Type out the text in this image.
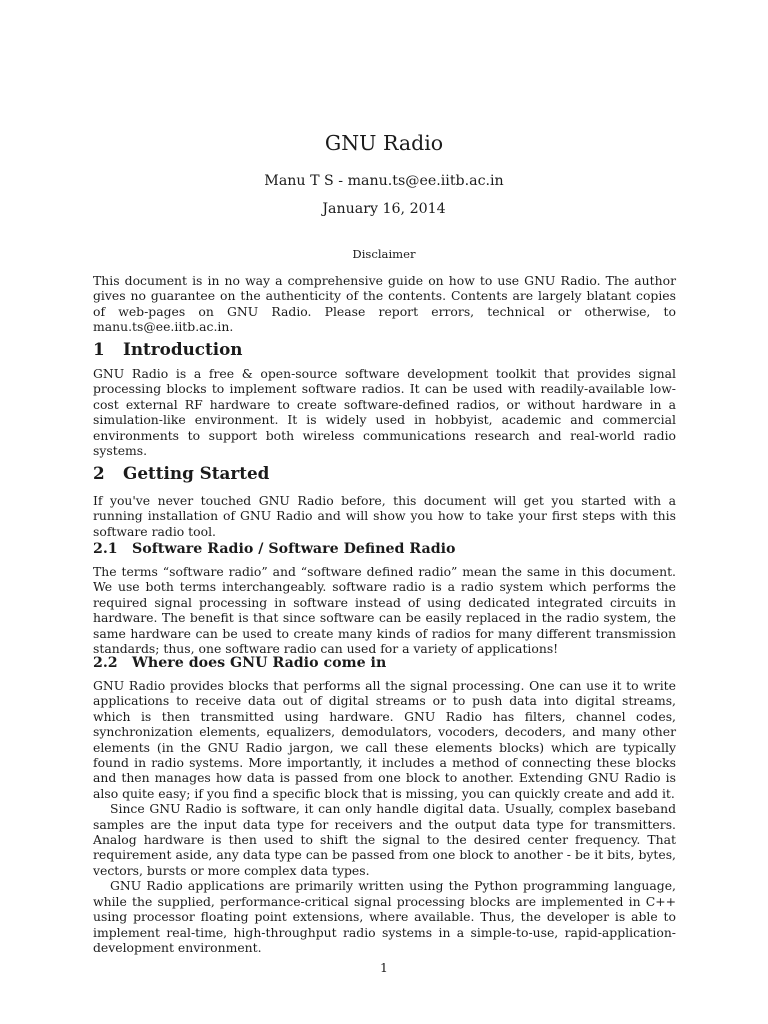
GNU Radio
Manu T S - manu.ts@ee.iitb.ac.in
January 16, 2014
Disclaimer

This document is in no way a comprehensive guide on how to use GNU Radio. The author gives no guarantee on the authenticity of the contents. Contents are largely blatant copies of web-pages on GNU Radio. Please report errors, technical or otherwise, to manu.ts@ee.iitb.ac.in.

1 Introduction

GNU Radio is a free & open-source software development toolkit that provides signal processing blocks to implement software radios. It can be used with readily-available low-cost external RF hardware to create software-defined radios, or without hardware in a simulation-like environment. It is widely used in hobbyist, academic and commercial environments to support both wireless communications research and real-world radio systems.

2 Getting Started

If you've never touched GNU Radio before, this document will get you started with a running installation of GNU Radio and will show you how to take your first steps with this software radio tool.

2.1 Software Radio / Software Defined Radio

The terms “software radio” and “software defined radio” mean the same in this document. We use both terms interchangeably. software radio is a radio system which performs the required signal processing in software instead of using dedicated integrated circuits in hardware. The benefit is that since software can be easily replaced in the radio system, the same hardware can be used to create many kinds of radios for many different transmission standards; thus, one software radio can used for a variety of applications!

2.2 Where does GNU Radio come in

GNU Radio provides blocks that performs all the signal processing. One can use it to write applications to receive data out of digital streams or to push data into digital streams, which is then transmitted using hardware. GNU Radio has filters, channel codes, synchronization elements, equalizers, demodulators, vocoders, decoders, and many other elements (in the GNU Radio jargon, we call these elements blocks) which are typically found in radio systems. More importantly, it includes a method of connecting these blocks and then manages how data is passed from one block to another. Extending GNU Radio is also quite easy; if you find a specific block that is missing, you can quickly create and add it.

Since GNU Radio is software, it can only handle digital data. Usually, complex baseband samples are the input data type for receivers and the output data type for transmitters. Analog hardware is then used to shift the signal to the desired center frequency. That requirement aside, any data type can be passed from one block to another - be it bits, bytes, vectors, bursts or more complex data types.

GNU Radio applications are primarily written using the Python programming language, while the supplied, performance-critical signal processing blocks are implemented in C++ using processor floating point extensions, where available. Thus, the developer is able to implement real-time, high-throughput radio systems in a simple-to-use, rapid-application-development environment.

1
